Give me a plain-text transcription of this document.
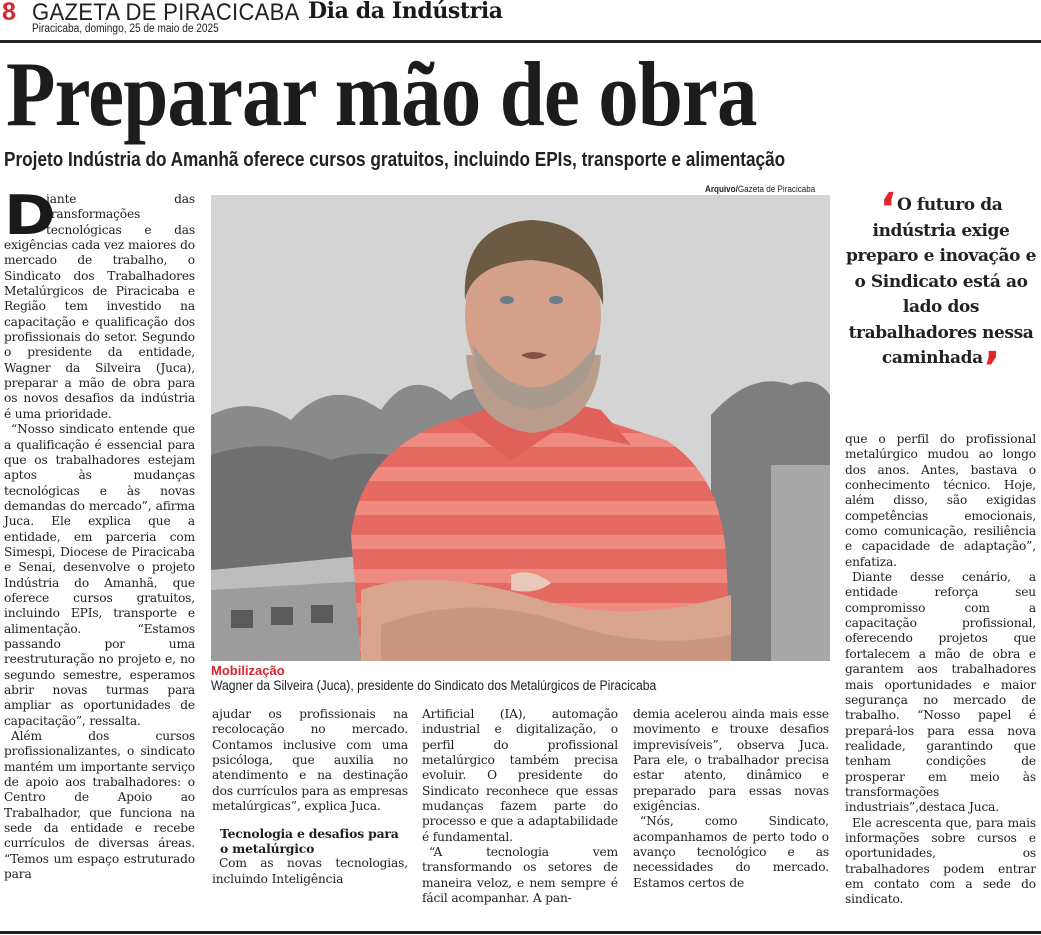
8 GAZETA DE PIRACICABA Dia da Indústria
Piracicaba, domingo, 25 de maio de 2025
Preparar mão de obra
Projeto Indústria do Amanhã oferece cursos gratuitos, incluindo EPIs, transporte e alimentação

D
iante das transformações tecnológicas e das exigências cada vez maiores do mercado de trabalho, o Sindicato dos Trabalhadores Metalúrgicos de Piracicaba e Região tem investido na capacitação e qualificação dos profissionais do setor. Segundo o presidente da entidade, Wagner da Silveira (Juca), preparar a mão de obra para os novos desafios da indústria é uma prioridade.

“Nosso sindicato entende que a qualificação é essencial para que os trabalhadores estejam aptos às mudanças tecnológicas e às novas demandas do mercado”, afirma Juca. Ele explica que a entidade, em parceria com Simespi, Diocese de Piracicaba e Senai, desenvolve o projeto Indústria do Amanhã, que oferece cursos gratuitos, incluindo EPIs, transporte e alimentação. “Estamos passando por uma reestruturação no projeto e, no segundo semestre, esperamos abrir novas turmas para ampliar as oportunidades de capacitação”, ressalta.

Além dos cursos profissionalizantes, o sindicato mantém um importante serviço de apoio aos trabalhadores: o Centro de Apoio ao Trabalhador, que funciona na sede da entidade e recebe currículos de diversas áreas. “Temos um espaço estruturado para

Arquivo/Gazeta de Piracicaba
Mobilização
Wagner da Silveira (Juca), presidente do Sindicato dos Metalúrgicos de Piracicaba

ajudar os profissionais na recolocação no mercado. Contamos inclusive com uma psicóloga, que auxilia no atendimento e na destinação dos currículos para as empresas metalúrgicas”, explica Juca.

Tecnologia e desafios para o metalúrgico

Com as novas tecnologias, incluindo Inteligência

Artificial (IA), automação industrial e digitalização, o perfil do profissional metalúrgico também precisa evoluir. O presidente do Sindicato reconhece que essas mudanças fazem parte do processo e que a adaptabilidade é fundamental.

“A tecnologia vem transformando os setores de maneira veloz, e nem sempre é fácil acompanhar. A pan-

demia acelerou ainda mais esse movimento e trouxe desafios imprevisíveis”, observa Juca. Para ele, o trabalhador precisa estar atento, dinâmico e preparado para essas novas exigências.

“Nós, como Sindicato, acompanhamos de perto todo o avanço tecnológico e as necessidades do mercado. Estamos certos de

‘O futuro da indústria exige preparo e inovação e o Sindicato está ao lado dos trabalhadores nessa caminhada’

que o perfil do profissional metalúrgico mudou ao longo dos anos. Antes, bastava o conhecimento técnico. Hoje, além disso, são exigidas competências emocionais, como comunicação, resiliência e capacidade de adaptação”, enfatiza.

Diante desse cenário, a entidade reforça seu compromisso com a capacitação profissional, oferecendo projetos que fortalecem a mão de obra e garantem aos trabalhadores mais oportunidades e maior segurança no mercado de trabalho. “Nosso papel é prepará-los para essa nova realidade, garantindo que tenham condições de prosperar em meio às transformações industriais”,destaca Juca.

Ele acrescenta que, para mais informações sobre cursos e oportunidades, os trabalhadores podem entrar em contato com a sede do sindicato.
